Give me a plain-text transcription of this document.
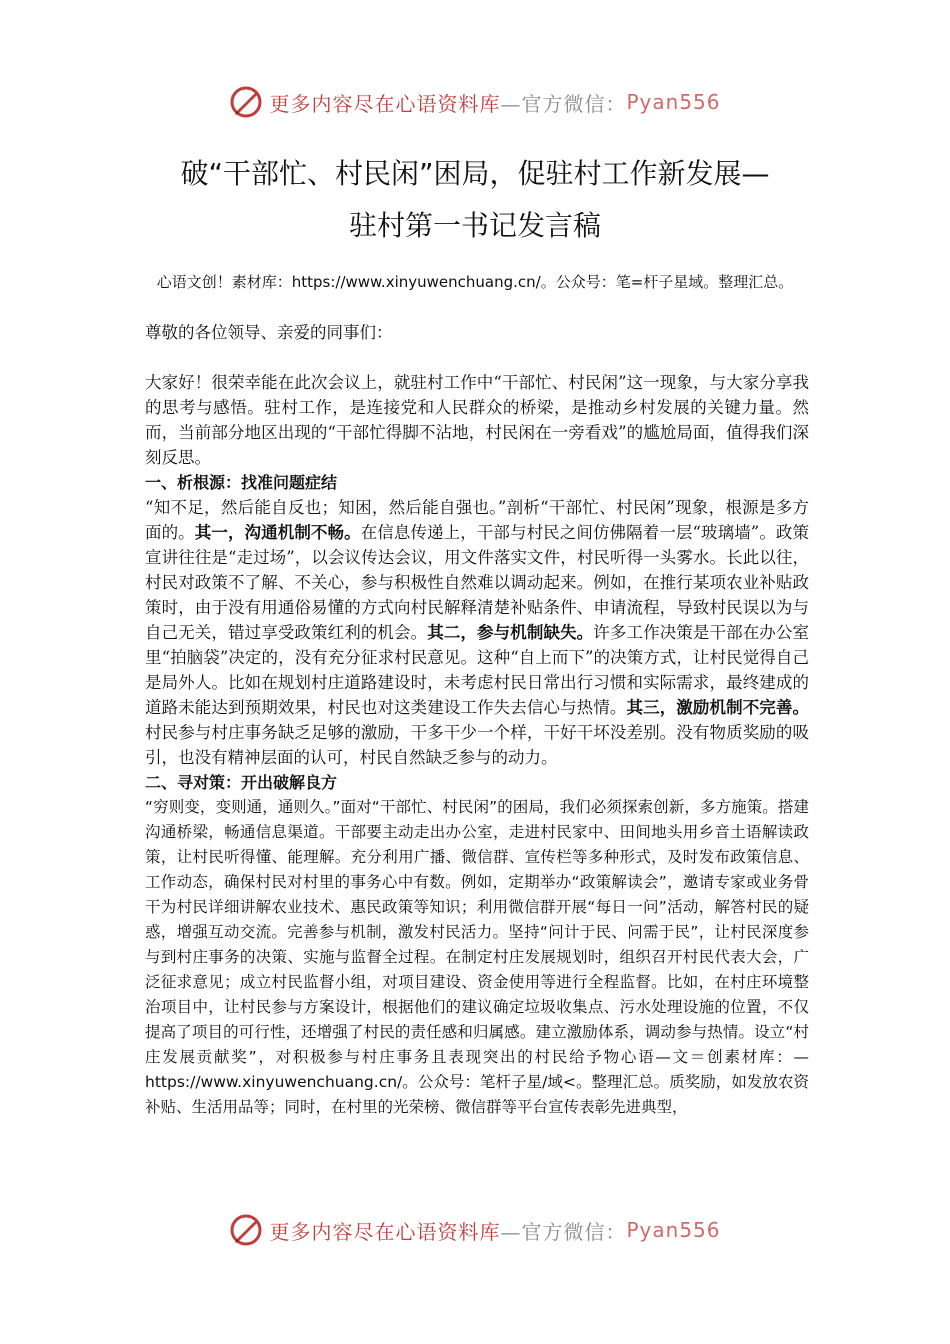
更多内容尽在心语资料库 —官方微信： Pyan556
破“干部忙、村民闲”困局，促驻村工作新发展—
驻村第一书记发言稿
心语文创！素材库：https://www.xinyuwenchuang.cn/。公众号：笔=杆子星域。整理汇总。

尊敬的各位领导、亲爱的同事们：

大家好！很荣幸能在此次会议上，就驻村工作中“干部忙、村民闲”这一现象，与大家分享我的思考与感悟。驻村工作，是连接党和人民群众的桥梁，是推动乡村发展的关键力量。然而，当前部分地区出现的“干部忙得脚不沾地，村民闲在一旁看戏”的尴尬局面，值得我们深刻反思。

一、析根源：找准问题症结

“知不足，然后能自反也；知困，然后能自强也。”剖析“干部忙、村民闲”现象，根源是多方面的。其一，沟通机制不畅。在信息传递上，干部与村民之间仿佛隔着一层“玻璃墙”。政策宣讲往往是“走过场”，以会议传达会议，用文件落实文件，村民听得一头雾水。长此以往，村民对政策不了解、不关心，参与积极性自然难以调动起来。例如，在推行某项农业补贴政策时，由于没有用通俗易懂的方式向村民解释清楚补贴条件、申请流程，导致村民误以为与自己无关，错过享受政策红利的机会。其二，参与机制缺失。许多工作决策是干部在办公室里“拍脑袋”决定的，没有充分征求村民意见。这种“自上而下”的决策方式，让村民觉得自己是局外人。比如在规划村庄道路建设时，未考虑村民日常出行习惯和实际需求，最终建成的道路未能达到预期效果，村民也对这类建设工作失去信心与热情。其三，激励机制不完善。村民参与村庄事务缺乏足够的激励，干多干少一个样，干好干坏没差别。没有物质奖励的吸引，也没有精神层面的认可，村民自然缺乏参与的动力。

二、寻对策：开出破解良方

“穷则变，变则通，通则久。”面对“干部忙、村民闲”的困局，我们必须探索创新，多方施策。搭建沟通桥梁，畅通信息渠道。干部要主动走出办公室，走进村民家中、田间地头用乡音土语解读政策，让村民听得懂、能理解。充分利用广播、微信群、宣传栏等多种形式，及时发布政策信息、工作动态，确保村民对村里的事务心中有数。例如，定期举办“政策解读会”，邀请专家或业务骨干为村民详细讲解农业技术、惠民政策等知识；利用微信群开展“每日一问”活动，解答村民的疑惑，增强互动交流。完善参与机制，激发村民活力。坚持“问计于民、问需于民”，让村民深度参与到村庄事务的决策、实施与监督全过程。在制定村庄发展规划时，组织召开村民代表大会，广泛征求意见；成立村民监督小组，对项目建设、资金使用等进行全程监督。比如，在村庄环境整治项目中，让村民参与方案设计，根据他们的建议确定垃圾收集点、污水处理设施的位置，不仅提高了项目的可行性，还增强了村民的责任感和归属感。建立激励体系，调动参与热情。设立“村庄发展贡献奖”，对积极参与村庄事务且表现突出的村民给予物心语—文＝创素材库：—https://www.xinyuwenchuang.cn/。公众号：笔杆子星/域<。整理汇总。质奖励，如发放农资补贴、生活用品等；同时，在村里的光荣榜、微信群等平台宣传表彰先进典型，

更多内容尽在心语资料库 —官方微信： Pyan556
